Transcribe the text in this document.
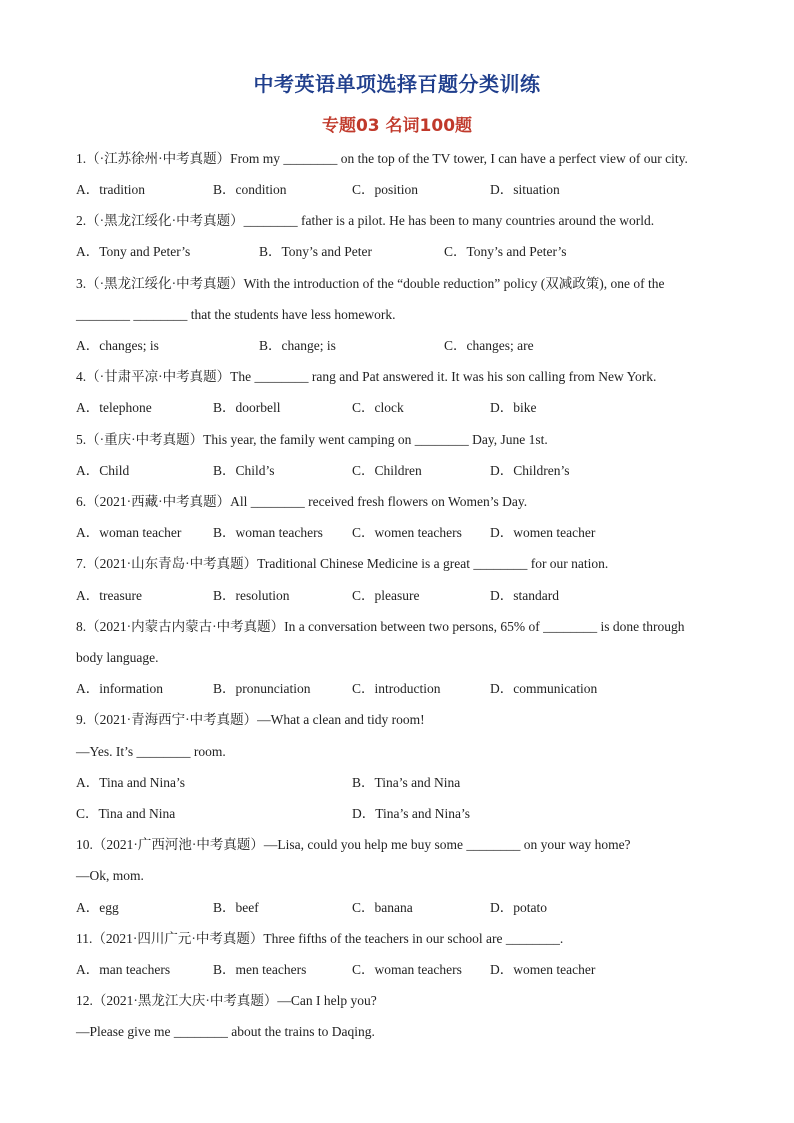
中考英语单项选择百题分类训练
专题03 名词100题
1.（·江苏徐州·中考真题）From my ________ on the top of the TV tower, I can have a perfect view of our city.
A．tradition	B．condition	C．position	D．situation
2.（·黑龙江绥化·中考真题）________ father is a pilot. He has been to many countries around the world.
A．Tony and Peter’s	B．Tony’s and Peter	C．Tony’s and Peter’s
3.（·黑龙江绥化·中考真题）With the introduction of the “double reduction” policy (双减政策), one of the
________ ________ that the students have less homework.
A．changes; is	B．change; is	C．changes; are
4.（·甘肃平凉·中考真题）The ________ rang and Pat answered it. It was his son calling from New York.
A．telephone	B．doorbell	C．clock	D．bike
5.（·重庆·中考真题）This year, the family went camping on ________ Day, June 1st.
A．Child	B．Child’s	C．Children	D．Children’s
6.（2021·西藏·中考真题）All ________ received fresh flowers on Women’s Day.
A．woman teacher B．woman teachers C．women teachers D．women teacher
7.（2021·山东青岛·中考真题）Traditional Chinese Medicine is a great ________ for our nation.
A．treasure	B．resolution	C．pleasure	D．standard
8.（2021·内蒙古内蒙古·中考真题）In a conversation between two persons, 65% of ________ is done through
body language.
A．information	B．pronunciation	C．introduction	D．communication
9.（2021·青海西宁·中考真题）—What a clean and tidy room!
—Yes. It’s ________ room.
A．Tina and Nina’s	B．Tina’s and Nina
C．Tina and Nina	D．Tina’s and Nina’s
10.（2021·广西河池·中考真题）—Lisa, could you help me buy some ________ on your way home?
—Ok, mom.
A．egg	B．beef	C．banana	D．potato
11.（2021·四川广元·中考真题）Three fifths of the teachers in our school are ________.
A．man teachers	B．men teachers	C．woman teachers D．women teacher
12.（2021·黑龙江大庆·中考真题）—Can I help you?
—Please give me ________ about the trains to Daqing.
